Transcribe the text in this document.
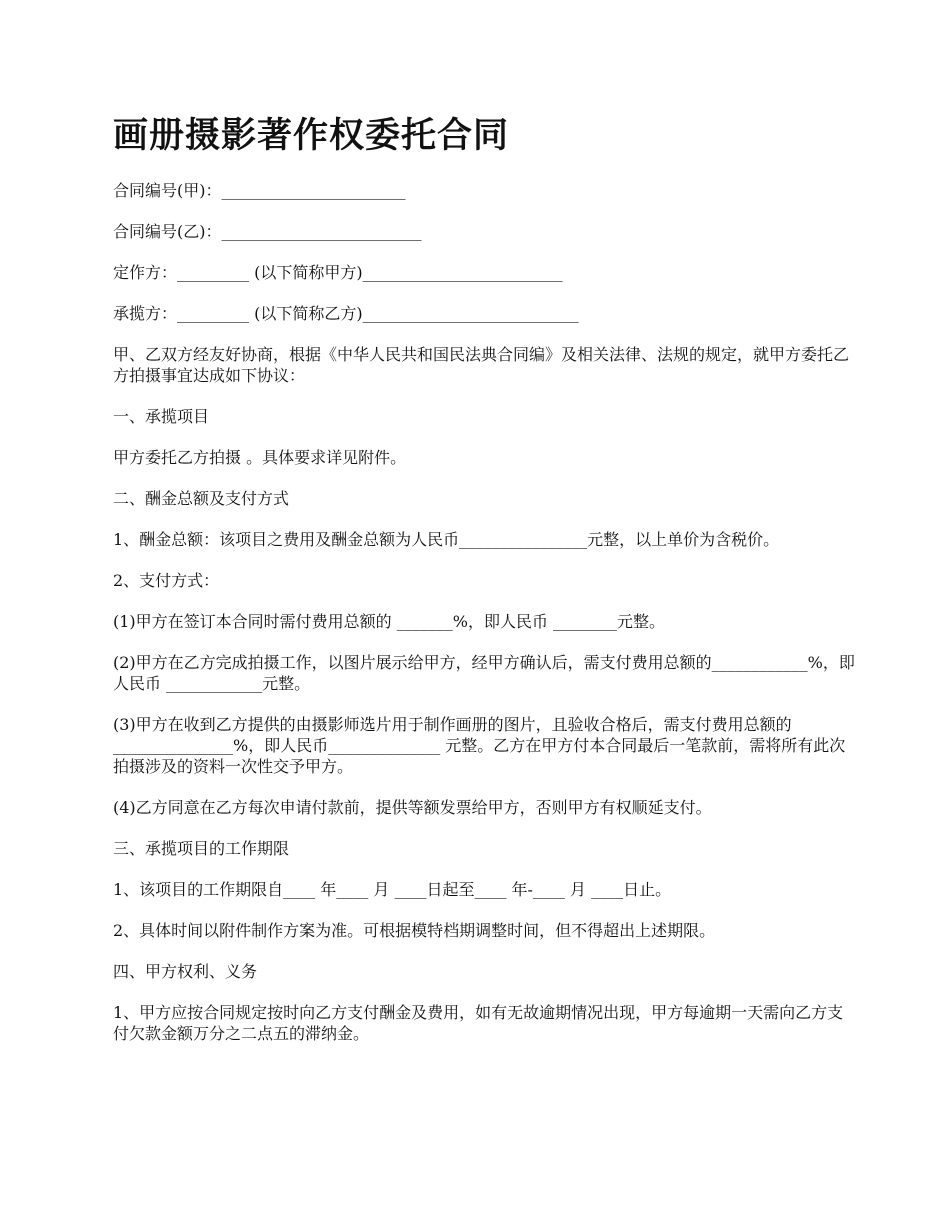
画册摄影著作权委托合同

合同编号(甲)：_______________________

合同编号(乙)：_________________________

定作方：_________ (以下简称甲方)_________________________

承揽方：_________ (以下简称乙方)___________________________

甲、乙双方经友好协商，根据《中华人民共和国民法典合同编》及相关法律、法规的规定，就甲方委托乙方拍摄事宜达成如下协议：

一、承揽项目

甲方委托乙方拍摄 。具体要求详见附件。

二、酬金总额及支付方式

1、酬金总额：该项目之费用及酬金总额为人民币________________元整，以上单价为含税价。

2、支付方式：

(1)甲方在签订本合同时需付费用总额的 _______%，即人民币 ________元整。

(2)甲方在乙方完成拍摄工作，以图片展示给甲方，经甲方确认后，需支付费用总额的____________%，即人民币 ____________元整。

(3)甲方在收到乙方提供的由摄影师选片用于制作画册的图片，且验收合格后，需支付费用总额的_______________%，即人民币______________ 元整。乙方在甲方付本合同最后一笔款前，需将所有此次拍摄涉及的资料一次性交予甲方。

(4)乙方同意在乙方每次申请付款前，提供等额发票给甲方，否则甲方有权顺延支付。

三、承揽项目的工作期限

1、该项目的工作期限自____ 年____ 月 ____日起至____ 年-____ 月 ____日止。

2、具体时间以附件制作方案为准。可根据模特档期调整时间，但不得超出上述期限。

四、甲方权利、义务

1、甲方应按合同规定按时向乙方支付酬金及费用，如有无故逾期情况出现，甲方每逾期一天需向乙方支付欠款金额万分之二点五的滞纳金。
